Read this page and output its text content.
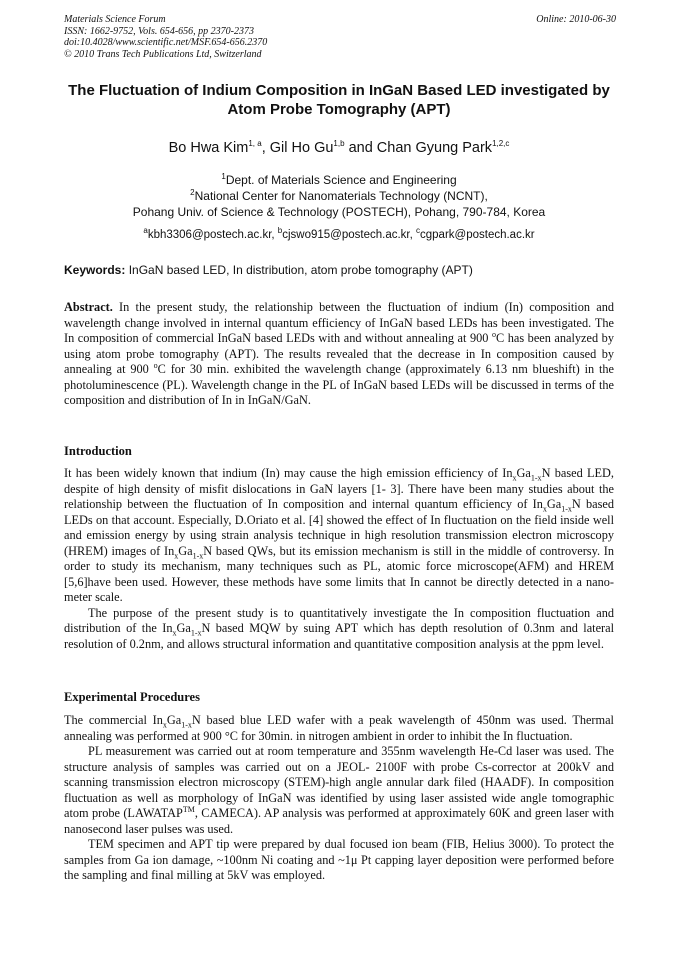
Materials Science Forum
ISSN: 1662-9752, Vols. 654-656, pp 2370-2373
doi:10.4028/www.scientific.net/MSF.654-656.2370
© 2010 Trans Tech Publications Ltd, Switzerland
Online: 2010-06-30
The Fluctuation of Indium Composition in InGaN Based LED investigated by Atom Probe Tomography (APT)
Bo Hwa Kim$^{1, a}$, Gil Ho Gu$^{1,b}$ and Chan Gyung Park$^{1,2,c}$
$^1$Dept. of Materials Science and Engineering
$^2$National Center for Nanomaterials Technology (NCNT),
Pohang Univ. of Science & Technology (POSTECH), Pohang, 790-784, Korea
$^a$kbh3306@postech.ac.kr, $^b$cjswo915@postech.ac.kr, $^c$cgpark@postech.ac.kr
Keywords: InGaN based LED, In distribution, atom probe tomography (APT)

Abstract. In the present study, the relationship between the fluctuation of indium (In) composition and wavelength change involved in internal quantum efficiency of InGaN based LEDs has been investigated. The In composition of commercial InGaN based LEDs with and without annealing at 900 $^o$C has been analyzed by using atom probe tomography (APT). The results revealed that the decrease in In composition caused by annealing at 900 $^o$C for 30 min. exhibited the wavelength change (approximately 6.13 nm blueshift) in the photoluminescence (PL). Wavelength change in the PL of InGaN based LEDs will be discussed in terms of the composition and distribution of In in InGaN/GaN.

Introduction

It has been widely known that indium (In) may cause the high emission efficiency of $In_xGa_{1-x}N$ based LED, despite of high density of misfit dislocations in GaN layers [1- 3]. There have been many studies about the relationship between the fluctuation of In composition and internal quantum efficiency of $In_xGa_{1-x}N$ based LEDs on that account. Especially, D.Oriato et al. [4] showed the effect of In fluctuation on the field inside well and emission energy by using strain analysis technique in high resolution transmission electron microscopy (HREM) images of $In_xGa_{1-x}N$ based QWs, but its emission mechanism is still in the middle of controversy. In order to study its mechanism, many techniques such as PL, atomic force microscope(AFM) and HREM [5,6]have been used. However, these methods have some limits that In cannot be directly detected in a nano-meter scale.

The purpose of the present study is to quantitatively investigate the In composition fluctuation and distribution of the $In_xGa_{1-x}N$ based MQW by suing APT which has depth resolution of 0.3nm and lateral resolution of 0.2nm, and allows structural information and quantitative composition analysis at the ppm level.

Experimental Procedures

The commercial $In_xGa_{1-x}N$ based blue LED wafer with a peak wavelength of 450nm was used. Thermal annealing was performed at 900 °C for 30min. in nitrogen ambient in order to inhibit the In fluctuation.

PL measurement was carried out at room temperature and 355nm wavelength He-Cd laser was used. The structure analysis of samples was carried out on a JEOL- 2100F with probe Cs-corrector at 200kV and scanning transmission electron microscopy (STEM)-high angle annular dark filed (HAADF). In composition fluctuation as well as morphology of InGaN was identified by using laser assisted wide angle tomographic atom probe (LAWATAP™, CAMECA). AP analysis was performed at approximately 60K and green laser with nanosecond laser pulses was used.

TEM specimen and APT tip were prepared by dual focused ion beam (FIB, Helius 3000). To protect the samples from Ga ion damage, ~100nm Ni coating and ~1μ Pt capping layer deposition were performed before the sampling and final milling at 5kV was employed.
